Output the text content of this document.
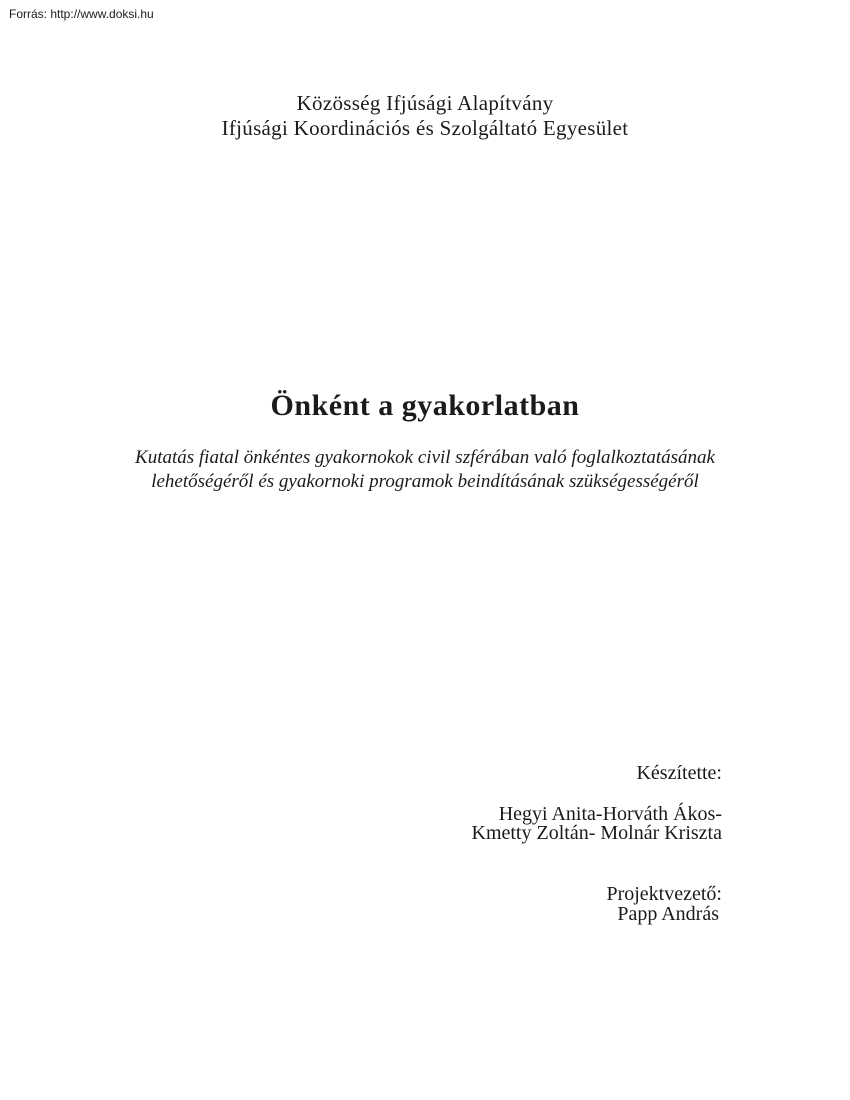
Forrás: http://www.doksi.hu
Közösség Ifjúsági Alapítvány
Ifjúsági Koordinációs és Szolgáltató Egyesület
Önként a gyakorlatban
Kutatás fiatal önkéntes gyakornokok civil szférában való foglalkoztatásának
lehetőségéről és gyakornoki programok beindításának szükségességéről
Készítette:
Hegyi Anita-Horváth Ákos-
Kmetty Zoltán- Molnár Kriszta
Projektvezető:
Papp András
